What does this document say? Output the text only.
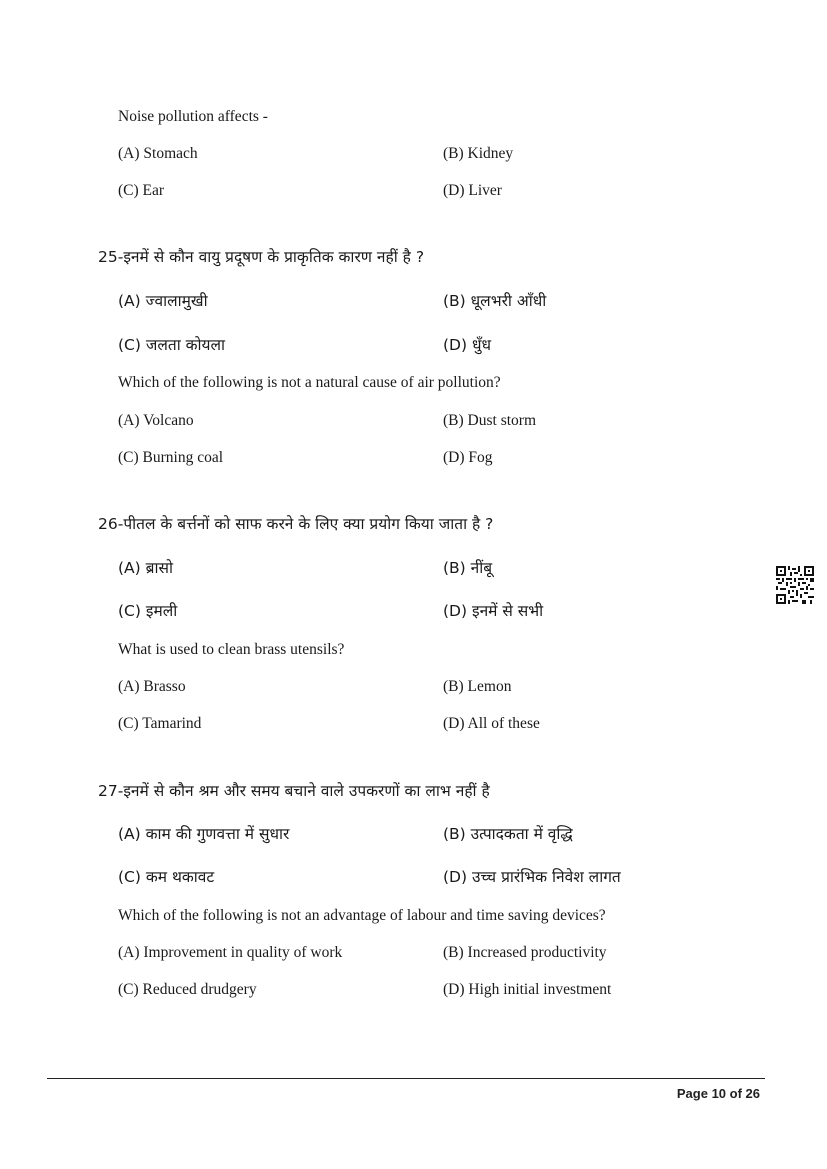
Noise pollution affects -
(A) Stomach	(B) Kidney
(C) Ear	(D) Liver
25-इनमें से कौन वायु प्रदूषण के प्राकृतिक कारण नहीं है ?
(A) ज्वालामुखी	(B) धूलभरी आँधी
(C) जलता कोयला	(D) धुँध
Which of the following is not a natural cause of air pollution?
(A) Volcano	(B) Dust storm
(C) Burning coal	(D) Fog
26-पीतल के बर्त्तनों को साफ करने के लिए क्या प्रयोग किया जाता है ?
(A) ब्रासो	(B) नींबू
(C) इमली	(D) इनमें से सभी
What is used to clean brass utensils?
(A) Brasso	(B) Lemon
(C) Tamarind	(D) All of these
27-इनमें से कौन श्रम और समय बचाने वाले उपकरणों का लाभ नहीं है
(A) काम की गुणवत्ता में सुधार	(B) उत्पादकता में वृद्धि
(C) कम थकावट	(D) उच्च प्रारंभिक निवेश लागत
Which of the following is not an advantage of labour and time saving devices?
(A) Improvement in quality of work	(B) Increased productivity
(C) Reduced drudgery	(D) High initial investment
Page 10 of 26
